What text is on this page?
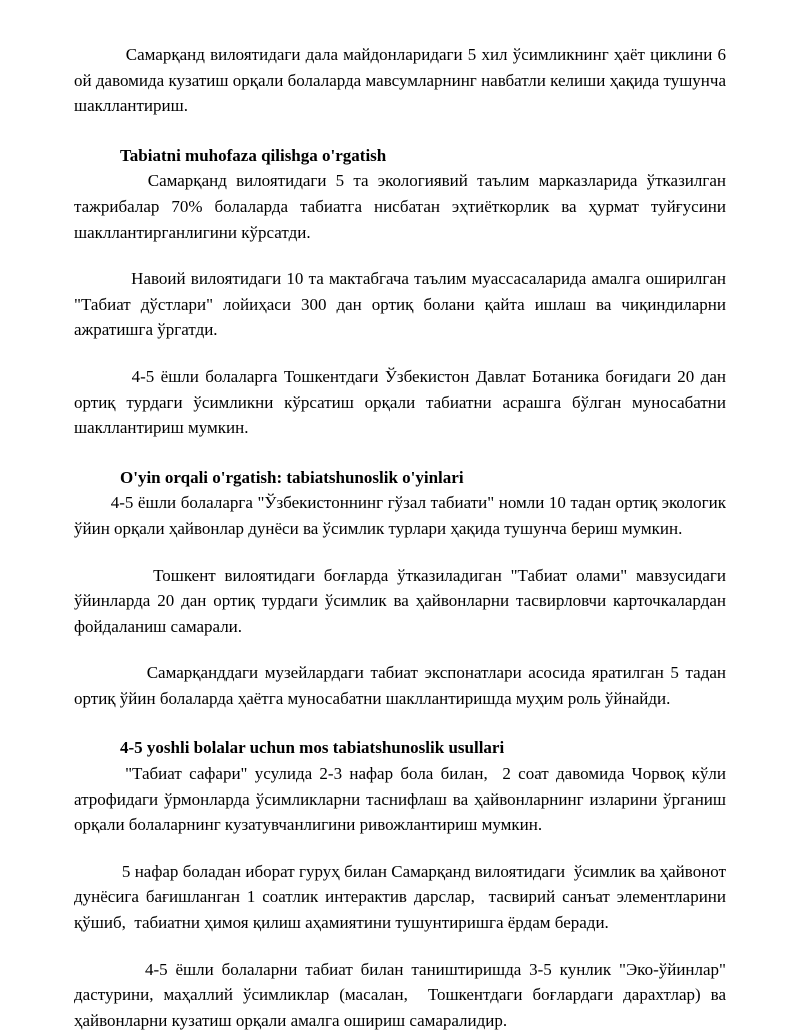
Самарқанд вилоятидаги дала майдонларидаги 5 хил ўсимликнинг ҳаёт циклини 6 ой давомида кузатиш орқали болаларда мавсумларнинг навбатли келиши ҳақида тушунча шакллантириш.

Tabiatni muhofaza qilishga o'rgatish

Самарқанд вилоятидаги 5 та экологиявий таълим марказларида ўтказилган тажрибалар 70% болаларда табиатга нисбатан эҳтиёткорлик ва ҳурмат туйғусини шакллантирганлигини кўрсатди.

Навоий вилоятидаги 10 та мактабгача таълим муассасаларида амалга оширилган "Табиат дўстлари" лойиҳаси 300 дан ортиқ болани қайта ишлаш ва чиқиндиларни ажратишга ўргатди.

4-5 ёшли болаларга Тошкентдаги Ўзбекистон Давлат Ботаника боғидаги 20 дан ортиқ турдаги ўсимликни кўрсатиш орқали табиатни асрашга бўлган муносабатни шакллантириш мумкин.

O'yin orqali o'rgatish: tabiatshunoslik o'yinlari

4-5 ёшли болаларга "Ўзбекистоннинг гўзал табиати" номли 10 тадан ортиқ экологик ўйин орқали ҳайвонлар дунёси ва ўсимлик турлари ҳақида тушунча бериш мумкин.

Тошкент вилоятидаги боғларда ўтказиладиган "Табиат олами" мавзусидаги ўйинларда 20 дан ортиқ турдаги ўсимлик ва ҳайвонларни тасвирловчи карточкалардан фойдаланиш самарали.

Самарқанддаги музейлардаги табиат экспонатлари асосида яратилган 5 тадан ортиқ ўйин болаларда ҳаётга муносабатни шакллантиришда муҳим роль ўйнайди.

4-5 yoshli bolalar uchun mos tabiatshunoslik usullari

"Табиат сафари" усулида 2-3 нафар бола билан,  2 соат давомида Чорвоқ кўли атрофидаги ўрмонларда ўсимликларни таснифлаш ва ҳайвонларнинг изларини ўрганиш орқали болаларнинг кузатувчанлигини ривожлантириш мумкин.

5 нафар боладан иборат гуруҳ билан Самарқанд вилоятидаги  ўсимлик ва ҳайвонот дунёсига бағишланган 1 соатлик интерактив дарслар,  тасвирий санъат элементларини қўшиб,  табиатни ҳимоя қилиш аҳамиятини тушунтиришга ёрдам беради.

4-5 ёшли болаларни табиат билан таништиришда 3-5 кунлик "Эко-ўйинлар" дастурини, маҳаллий ўсимликлар (масалан,  Тошкентдаги боғлардаги дарахтлар) ва ҳайвонларни кузатиш орқали амалга ошириш самаралидир.
